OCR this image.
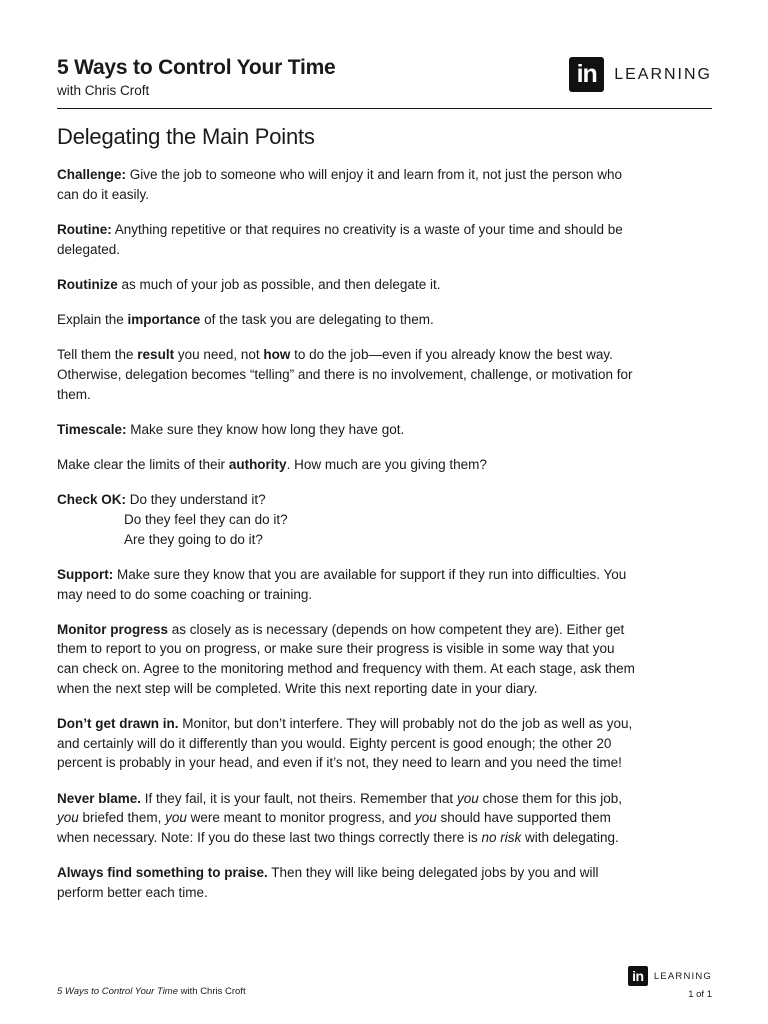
5 Ways to Control Your Time
with Chris Croft
in	LEARNING
Delegating the Main Points

Challenge: Give the job to someone who will enjoy it and learn from it, not just the person who can do it easily.

Routine: Anything repetitive or that requires no creativity is a waste of your time and should be delegated.

Routinize as much of your job as possible, and then delegate it.

Explain the importance of the task you are delegating to them.

Tell them the result you need, not how to do the job—even if you already know the best way. Otherwise, delegation becomes “telling” and there is no involvement, challenge, or motivation for them.

Timescale: Make sure they know how long they have got.

Make clear the limits of their authority. How much are you giving them?

Check OK: Do they understand it?
Do they feel they can do it?
Are they going to do it?

Support: Make sure they know that you are available for support if they run into difficulties. You may need to do some coaching or training.

Monitor progress as closely as is necessary (depends on how competent they are). Either get them to report to you on progress, or make sure their progress is visible in some way that you can check on. Agree to the monitoring method and frequency with them. At each stage, ask them when the next step will be completed. Write this next reporting date in your diary.

Don’t get drawn in. Monitor, but don’t interfere. They will probably not do the job as well as you, and certainly will do it differently than you would. Eighty percent is good enough; the other 20 percent is probably in your head, and even if it’s not, they need to learn and you need the time!

Never blame. If they fail, it is your fault, not theirs. Remember that you chose them for this job, you briefed them, you were meant to monitor progress, and you should have supported them when necessary. Note: If you do these last two things correctly there is no risk with delegating.

Always find something to praise. Then they will like being delegated jobs by you and will perform better each time.

5 Ways to Control Your Time with Chris Croft
in	LEARNING
1 of 1
